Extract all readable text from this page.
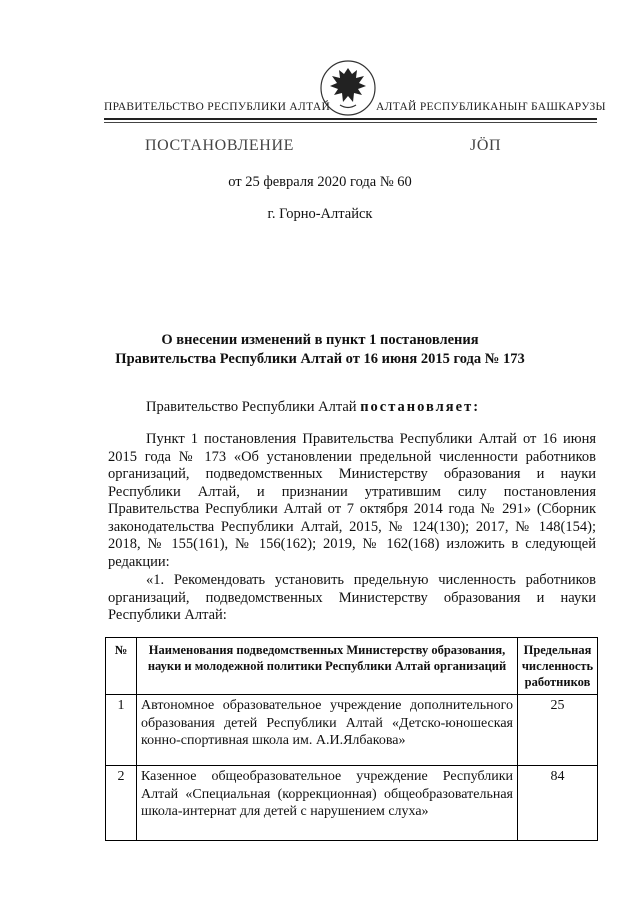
ПРАВИТЕЛЬСТВО РЕСПУБЛИКИ АЛТАЙ	АЛТАЙ РЕСПУБЛИКАНЫҤ БАШКАРУЗЫ
ПОСТАНОВЛЕНИЕ	ЈӦП
от 25 февраля 2020 года № 60
г. Горно-Алтайск
О внесении изменений в пункт 1 постановления Правительства Республики Алтай от 16 июня 2015 года № 173
Правительство Республики Алтай постановляет:
Пункт 1 постановления Правительства Республики Алтай от 16 июня 2015 года № 173 «Об установлении предельной численности работников организаций, подведомственных Министерству образования и науки Республики Алтай, и признании утратившим силу постановления Правительства Республики Алтай от 7 октября 2014 года № 291» (Сборник законодательства Республики Алтай, 2015, № 124(130); 2017, № 148(154); 2018, № 155(161), № 156(162); 2019, № 162(168) изложить в следующей редакции:
«1. Рекомендовать установить предельную численность работников организаций, подведомственных Министерству образования и науки Республики Алтай:
№	Наименования подведомственных Министерству образования, науки и молодежной политики Республики Алтай организаций	Предельная численность работников
1	Автономное образовательное учреждение дополнительного образования детей Республики Алтай «Детско-юношеская конно-спортивная школа им. А.И.Ялбакова»	25
2	Казенное общеобразовательное учреждение Республики Алтай «Специальная (коррекционная) общеобразовательная школа-интернат для детей с нарушением слуха»	84
